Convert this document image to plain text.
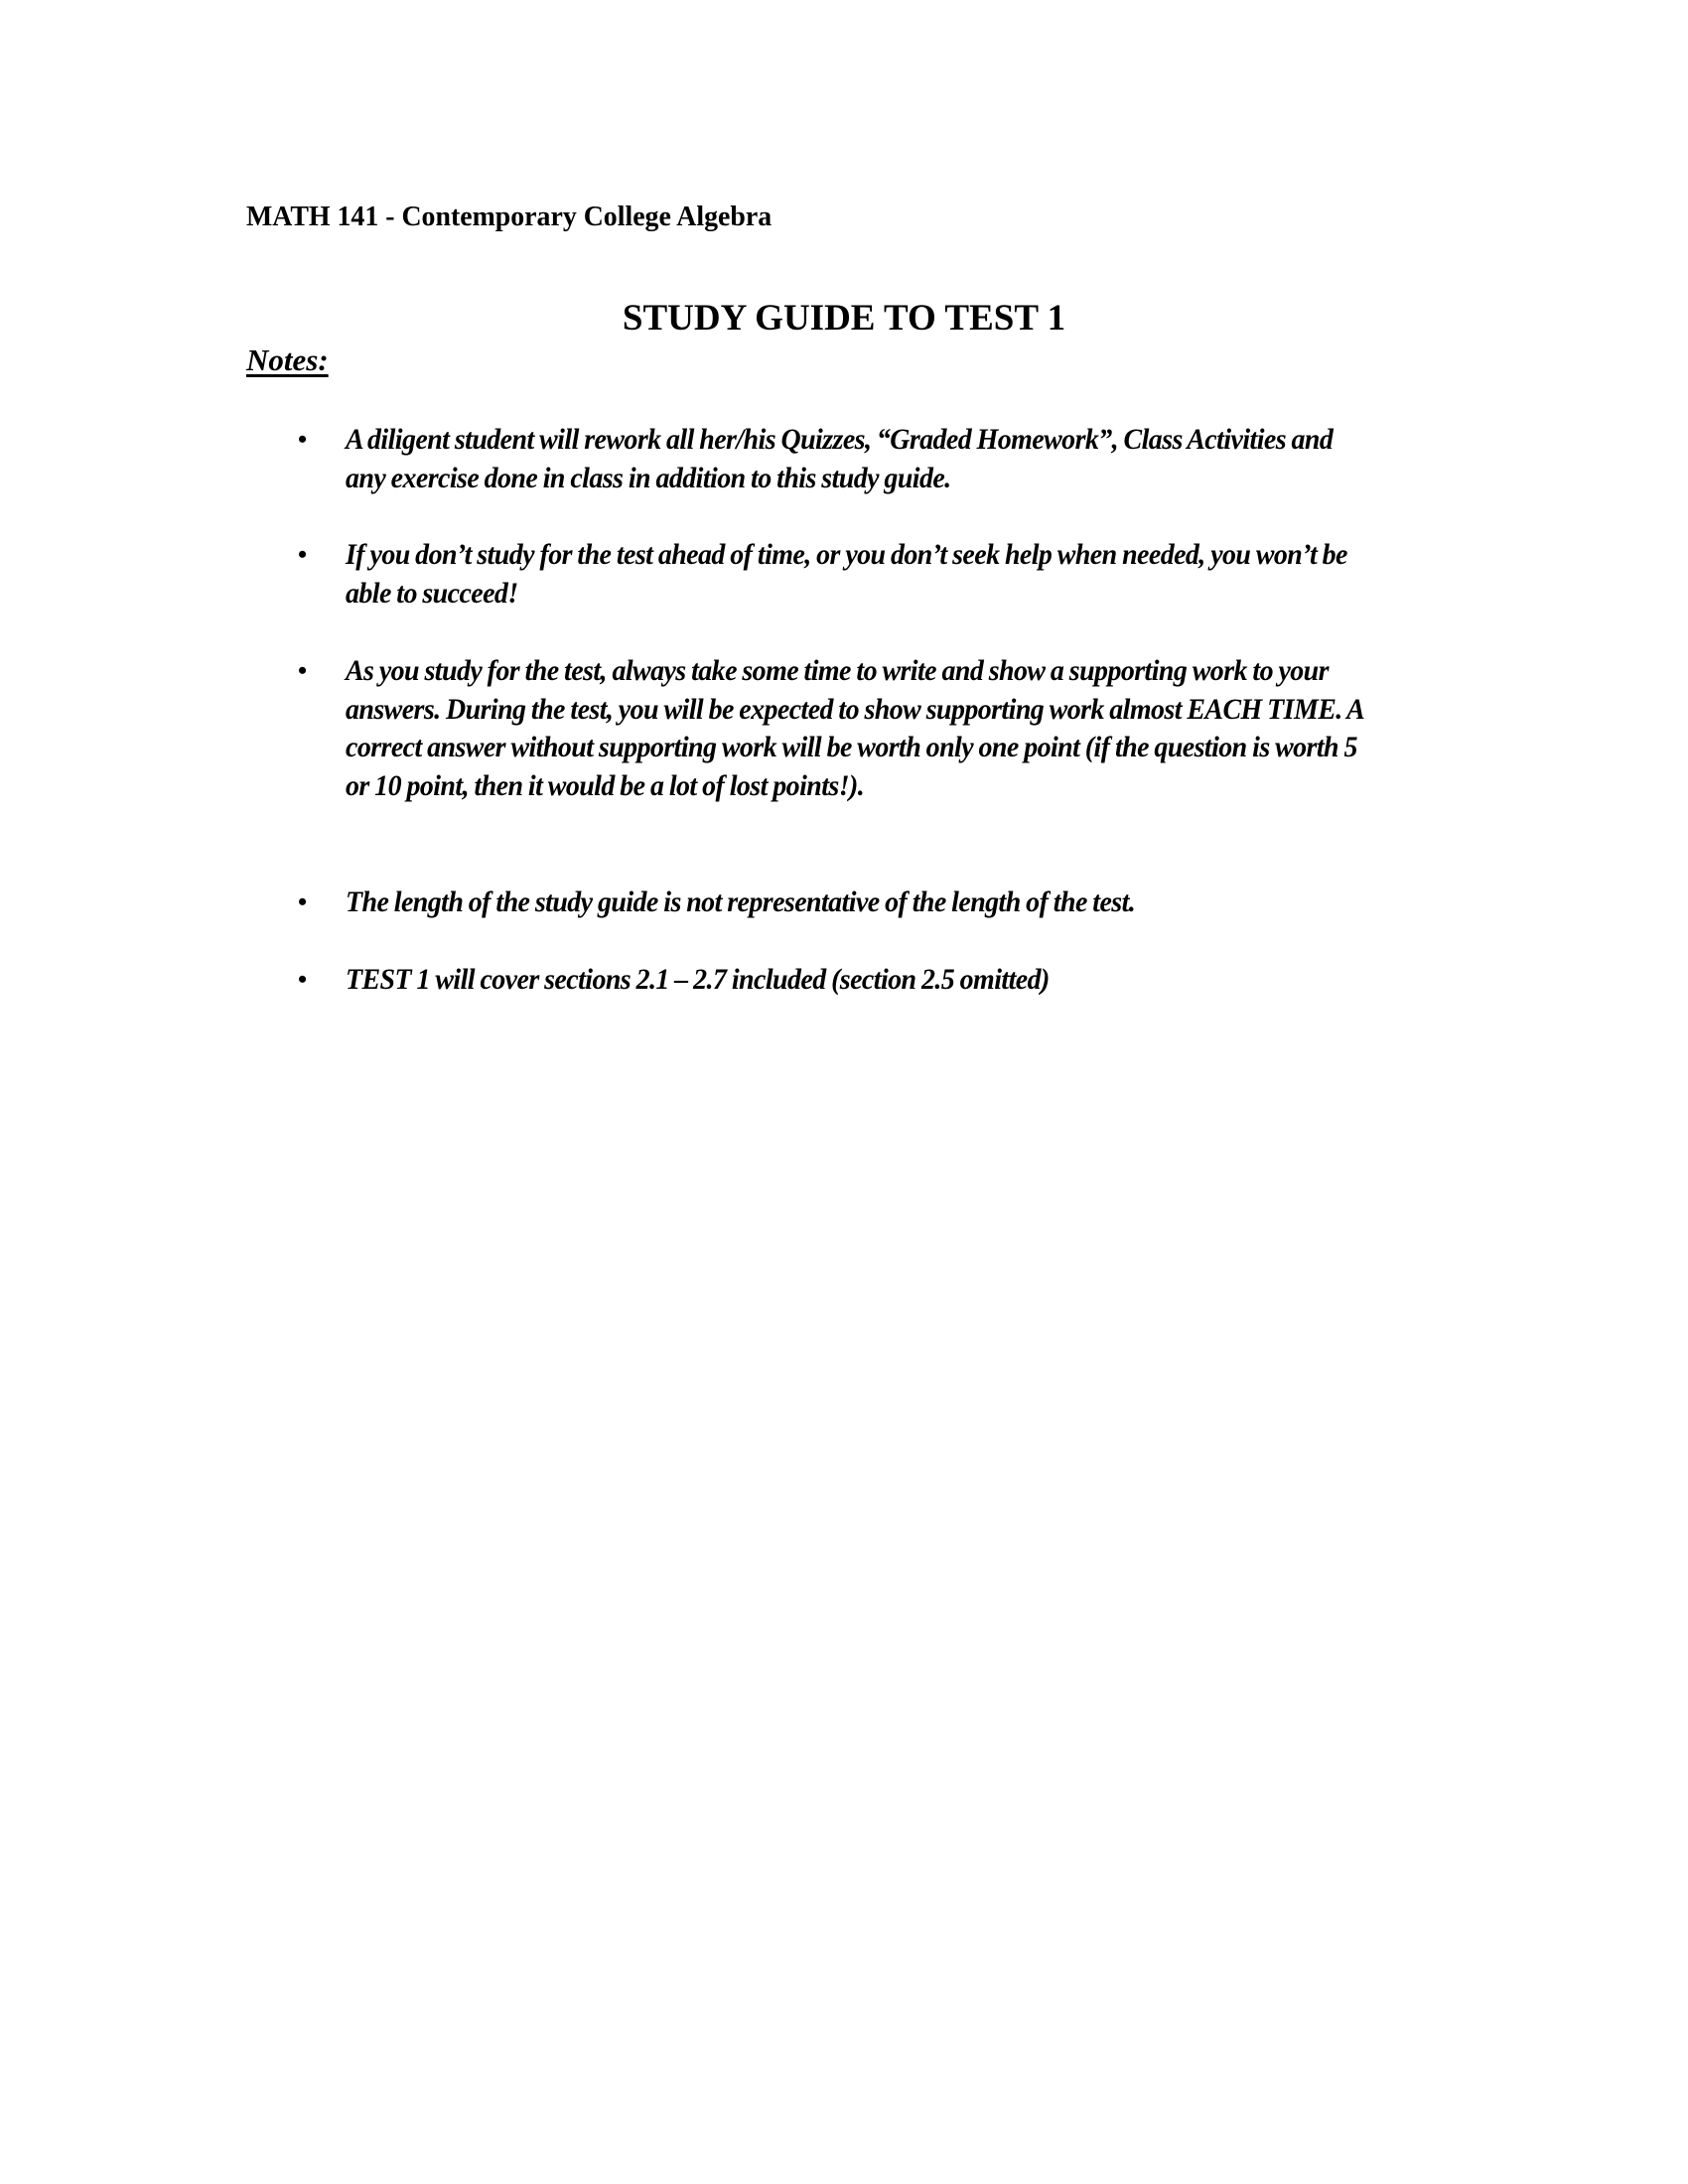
MATH 141 - Contemporary College Algebra
STUDY GUIDE TO TEST 1
Notes:
•	A diligent student will rework all her/his Quizzes, “Graded Homework”, Class Activities and any exercise done in class in addition to this study guide.
•	If you don’t study for the test ahead of time, or you don’t seek help when needed, you won’t be able to succeed!
•	As you study for the test, always take some time to write and show a supporting work to your answers. During the test, you will be expected to show supporting work almost EACH TIME. A correct answer without supporting work will be worth only one point (if the question is worth 5 or 10 point, then it would be a lot of lost points!).
•	The length of the study guide is not representative of the length of the test.
•	TEST 1 will cover sections 2.1 – 2.7 included (section 2.5 omitted)
